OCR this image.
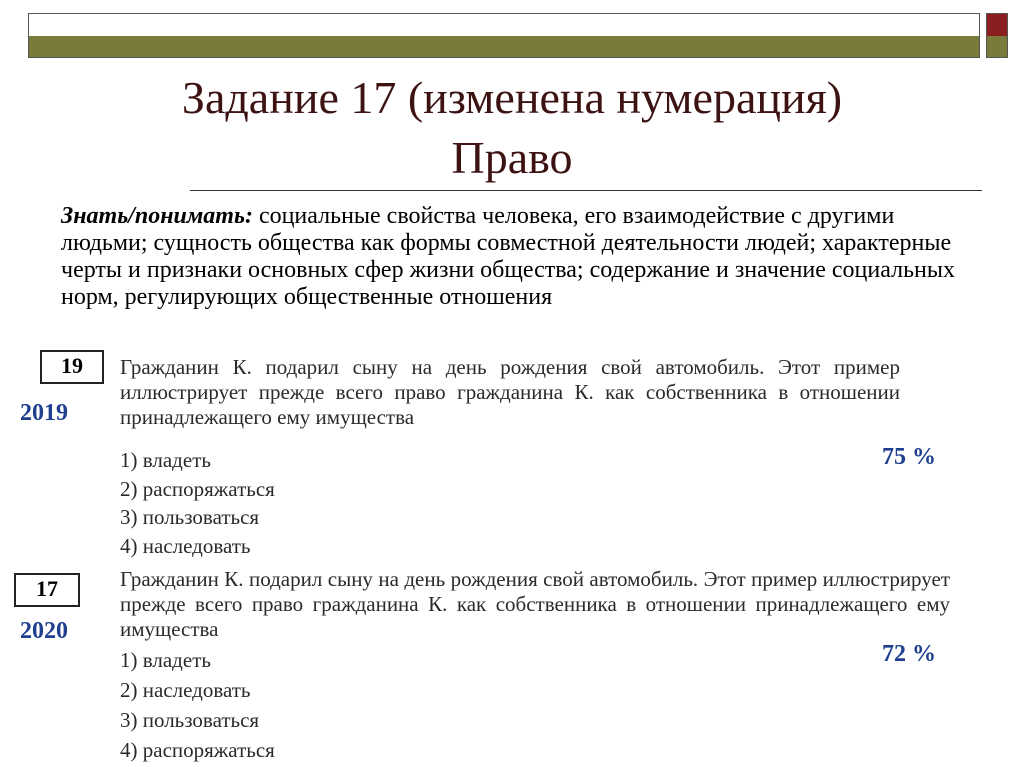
Задание 17 (изменена нумерация)
Право

Знать/понимать: социальные свойства человека, его взаимодействие с другими людьми; сущность общества как формы совместной деятельности людей; характерные черты и признаки основных сфер жизни общества; содержание и значение социальных норм, регулирующих общественные отношения

19
2019

Гражданин К. подарил сыну на день рождения свой автомобиль. Этот пример иллюстрирует прежде всего право гражданина К. как собственника в отношении принадлежащего ему имущества

1) владеть
2) распоряжаться
3) пользоваться
4) наследовать
75 %
17
2020

Гражданин К. подарил сыну на день рождения свой автомобиль. Этот пример иллюстрирует прежде всего право гражданина К. как собственника в отношении принадлежащего ему имущества

1) владеть
2) наследовать
3) пользоваться
4) распоряжаться
72 %
